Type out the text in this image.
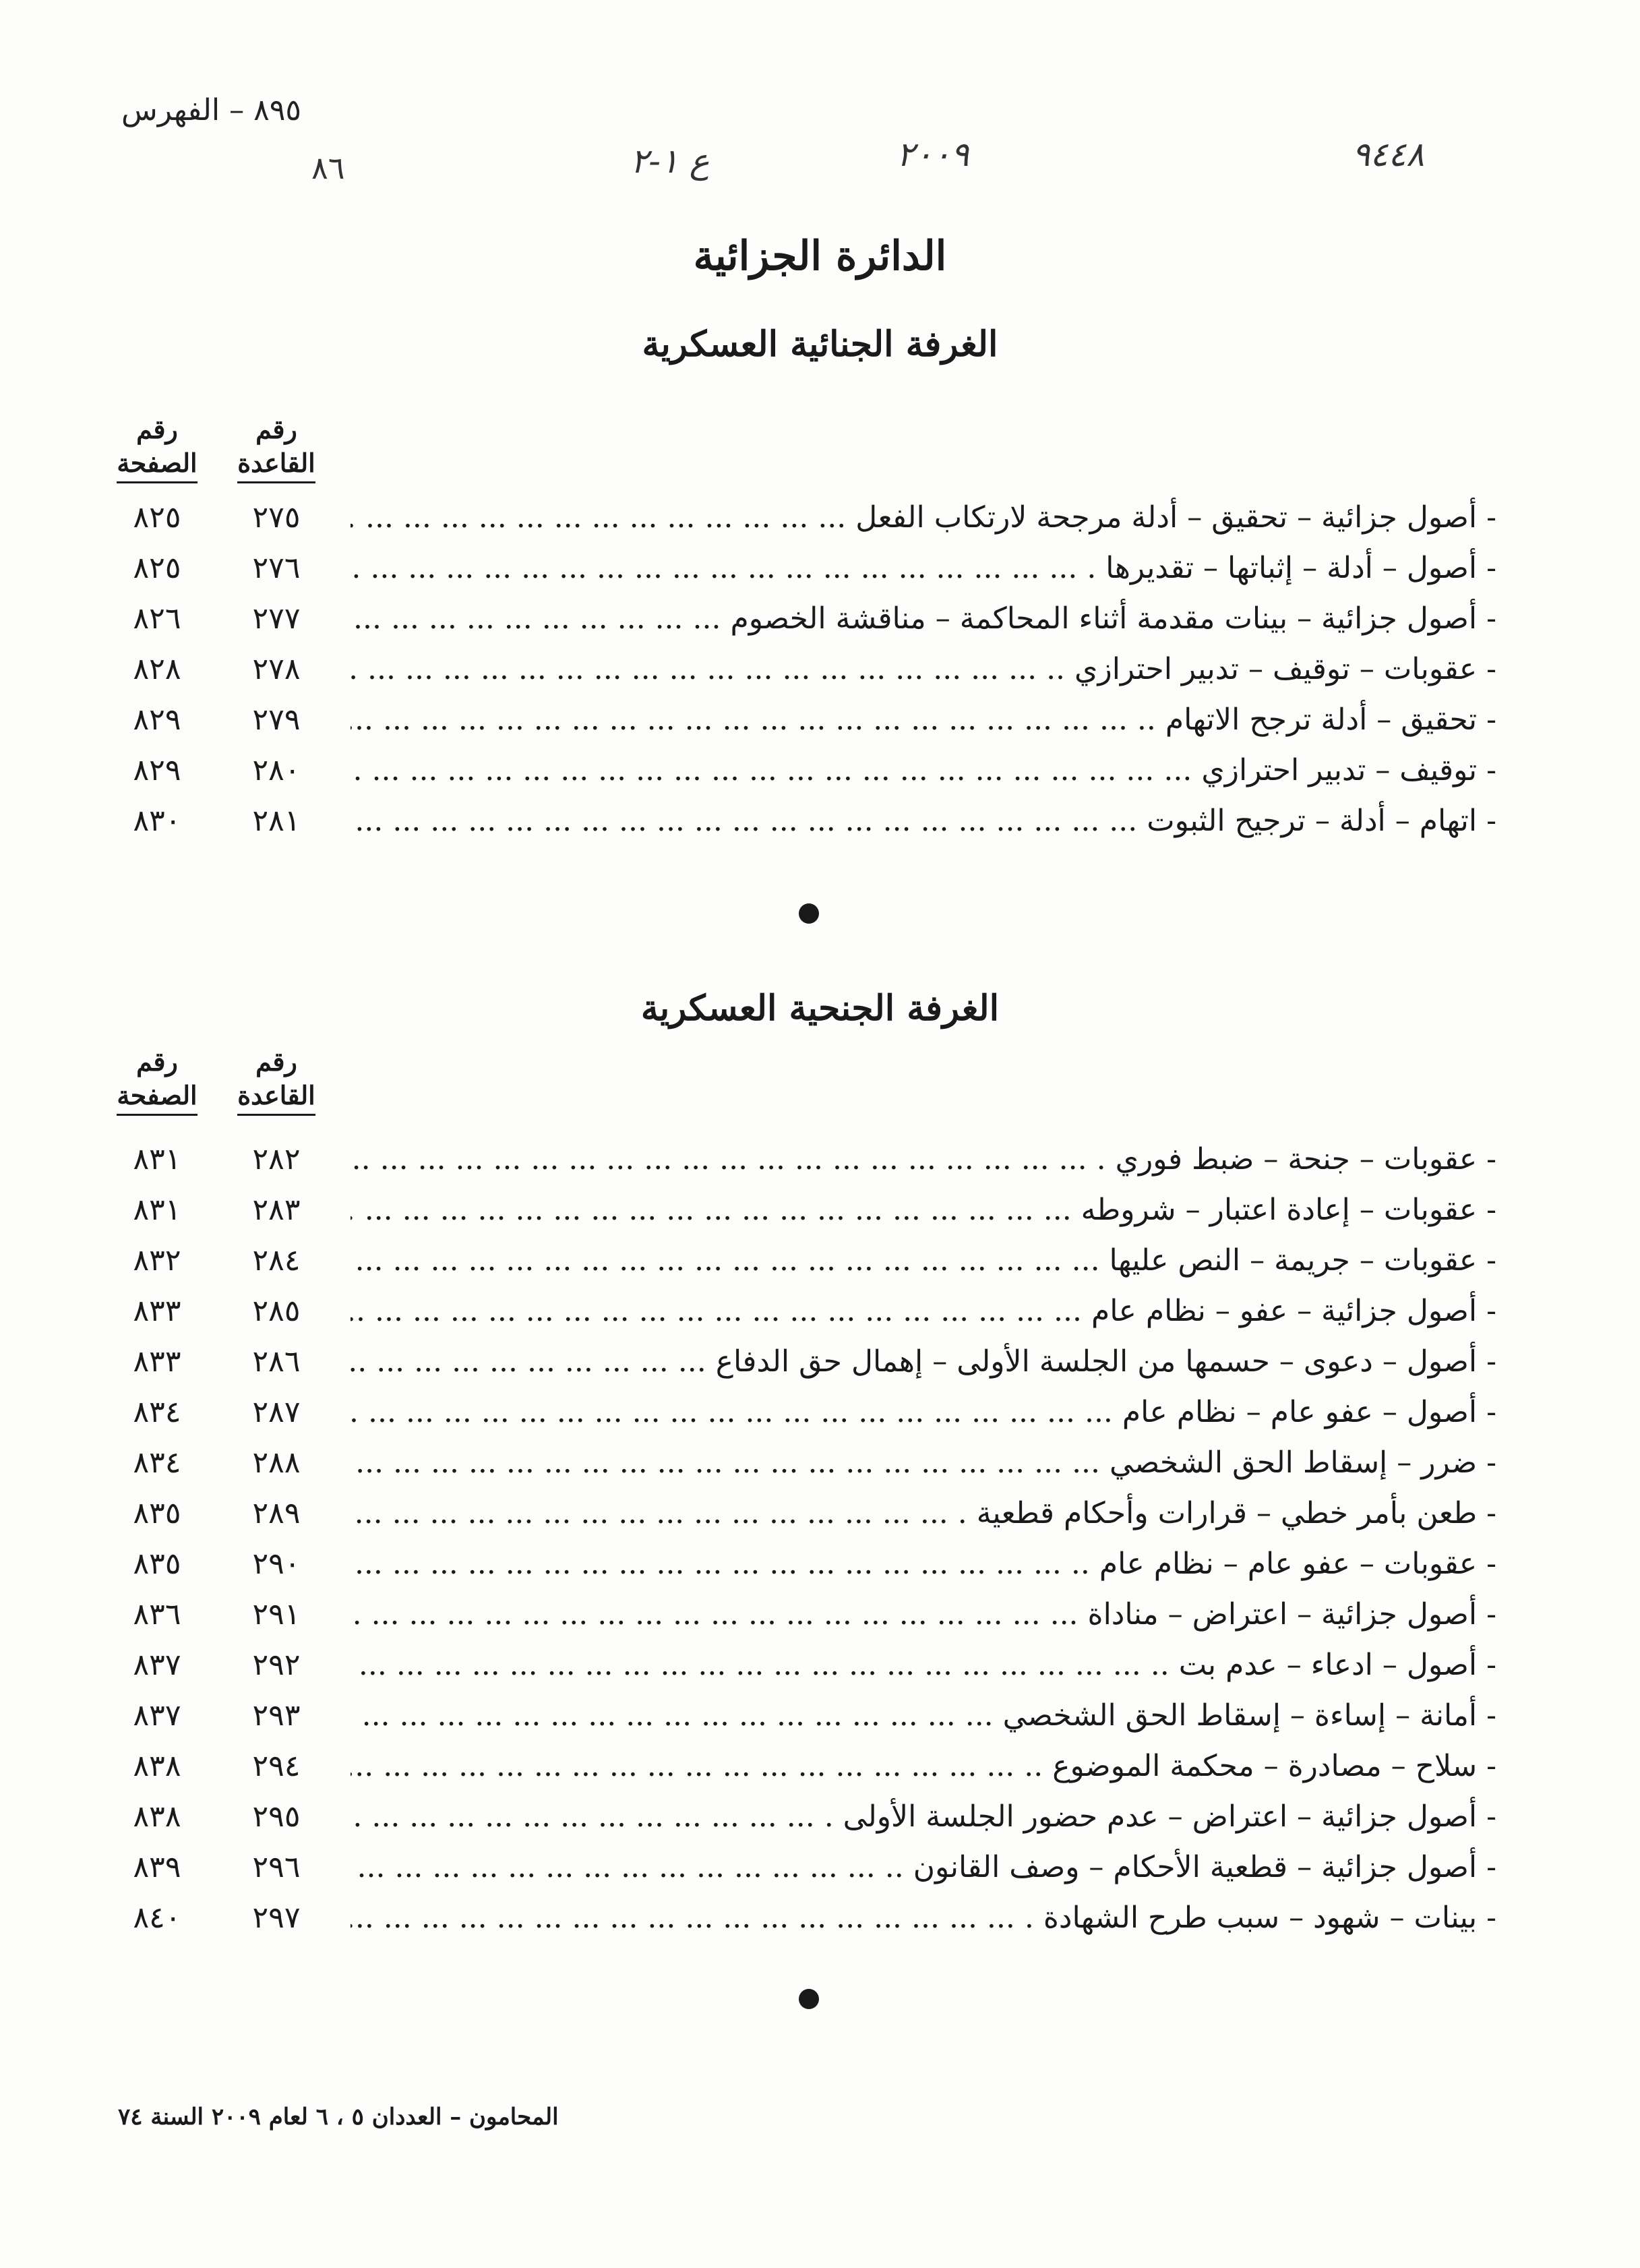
٨٩٥ – الفهرس
٨٦	٩٤٤٨
٢٠٠٩
ع ١-٢
الدائرة الجزائية
الغرفة الجنائية العسكرية
رقم
الصفحة
رقم
القاعدة
- أصول جزائية – تحقيق – أدلة مرجحة لارتكاب الفعل ... .
٢٧٥
٨٢٥
- أصول – أدلة – إثباتها – تقديرها . ... .
٢٧٦
٨٢٥
- أصول جزائية – بينات مقدمة أثناء المحاكمة – مناقشة الخصوم ... .
٢٧٧
٨٢٦
- عقوبات – توقيف – تدبير احترازي .. ... .
٢٧٨
٨٢٨
- تحقيق – أدلة ترجح الاتهام .. ... .
٢٧٩
٨٢٩
- توقيف – تدبير احترازي ... .
٢٨٠
٨٢٩
- اتهام – أدلة – ترجيح الثبوت ... .
٢٨١
٨٣٠
الغرفة الجنحية العسكرية
رقم
الصفحة
رقم
القاعدة
- عقوبات – جنحة – ضبط فوري . ... .
٢٨٢
٨٣١
- عقوبات – إعادة اعتبار – شروطه ... .
٢٨٣
٨٣١
- عقوبات – جريمة – النص عليها ... .
٢٨٤
٨٣٢
- أصول جزائية – عفو – نظام عام ... .
٢٨٥
٨٣٣
- أصول – دعوى – حسمها من الجلسة الأولى – إهمال حق الدفاع ... .
٢٨٦
٨٣٣
- أصول – عفو عام – نظام عام ... .
٢٨٧
٨٣٤
- ضرر – إسقاط الحق الشخصي ... .
٢٨٨
٨٣٤
- طعن بأمر خطي – قرارات وأحكام قطعية . ... .
٢٨٩
٨٣٥
- عقوبات – عفو عام – نظام عام .. ... .
٢٩٠
٨٣٥
- أصول جزائية – اعتراض – مناداة ... .
٢٩١
٨٣٦
- أصول – ادعاء – عدم بت .. ... .
٢٩٢
٨٣٧
- أمانة – إساءة – إسقاط الحق الشخصي ... .
٢٩٣
٨٣٧
- سلاح – مصادرة – محكمة الموضوع .. ... .
٢٩٤
٨٣٨
- أصول جزائية – اعتراض – عدم حضور الجلسة الأولى . ... .
٢٩٥
٨٣٨
- أصول جزائية – قطعية الأحكام – وصف القانون .. ... .
٢٩٦
٨٣٩
- بينات – شهود – سبب طرح الشهادة . ... .
٢٩٧
٨٤٠
المحامون – العددان ٥ ، ٦ لعام ٢٠٠٩ السنة ٧٤
